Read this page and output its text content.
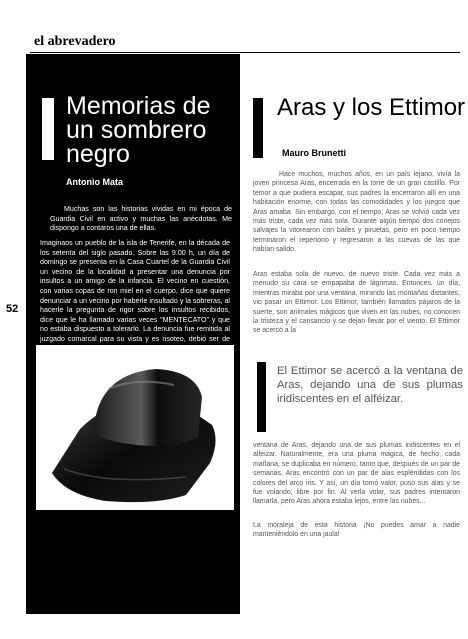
el abrevadero
52
Memorias de un sombrero negro
Antonio Mata
Muchas son las historias vividas en mi época de Guardia Civil en activo y muchas las anécdotas. Me dispongo a contaros una de ellas.
Imaginaos un pueblo de la isla de Tenerife, en la década de los setenta del siglo pasado. Sobre las 9.00 h, un día de domingo se presenta en la Casa Cuartel de la Guardia Civil un vecino de la localidad a presentar una denuncia por insultos a un amigo de la infancia. El vecino en cuestión, con varias copas de ron miel en el cuerpo, dice que quiere denunciar a un vecino por haberle insultado y la sobreras, al hacerle la pregunta de rigor sobre los insultos recibidos, dice que le ha llamado varias veces "MENTECATO" y que no estaba dispuesto a tolerarlo. La denuncia fue remitida al juzgado comarcal para su vista y es risoteo, debió ser de
Aras y los Ettimor
Mauro Brunetti
Hace muchos, muchos años, en un país lejano, vivía la joven princesa Aras, encerrada en la torre de un gran castillo. Por temor a que pudiera escapar, sus padres la encerraron allí en una habitación enorme, con todas las comodidades y los juegos que Aras amaba. Sin embargo, con el tiempo, Aras se volvió cada vez más triste, cada vez más sola. Durante algún tiempo dos conejos salvajes la vitorearon con bailes y piruetas, pero en poco tiempo terminaron el repertorio y regresaron a las cuevas de las que habían salido.
Aras estaba sola de nuevo, de nuevo triste. Cada vez más a menudo su cara se empapaba de lágrimas. Entonces, un día, mientras miraba por una ventana, mirando las montañas distantes, vio pasar un Ettimor. Los Ettimor, también llamados pájaros de la suerte, son animales mágicos que viven en las nubes, no conocen la tristeza y el cansancio y se dejan llevar por el viento. El Ettimor se acercó a la
El Ettimor se acercó a la ventana de Aras, dejando una de sus plumas iridiscentes en el alféizar.
ventana de Aras, dejando una de sus plumas iridiscentes en el alféizar. Naturalmente, era una pluma mágica, de hecho, cada mañana, se duplicaba en número, tanto que, después de un par de semanas, Aras encontró con un par de alas espléndidas con los colores del arco iris. Y así, un día tomó valor, puso sus alas y se fue volando, libre por fin. Al verla volar, sus padres intentaron llamarla, pero Aras ahora estaba lejos, entre las nubes...
La moraleja de esta historia ¡No puedes amar a nadie manteniéndolo en una jaula!
